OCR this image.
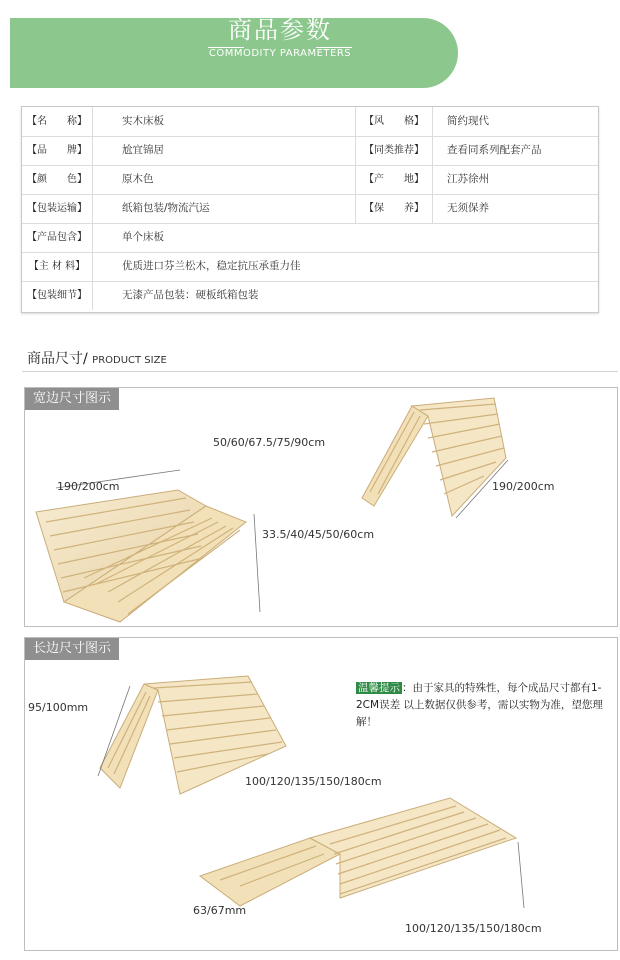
商品参数
COMMODITY PARAMETERS
【名　　称】	实木床板	【风　　格】	简约现代
【品　　牌】	尬宜锦居	【同类推荐】	查看同系列配套产品
【颜　　色】	原木色	【产　　地】	江苏徐州
【包装运输】	纸箱包装/物流汽运	【保　　养】	无须保养
【产品包含】	单个床板
【主 材 料】	优质进口芬兰松木，稳定抗压承重力佳
【包装细节】	无漆产品包装：硬板纸箱包装
商品尺寸/ PRODUCT SIZE
宽边尺寸图示
长边尺寸图示
190/200cm
33.5/40/45/50/60cm
50/60/67.5/75/90cm
190/200cm
95/100mm
100/120/135/150/180cm
63/67mm
100/120/135/150/180cm
温馨提示 ：由于家具的特殊性，每个成品尺寸都有1-2CM误差 以上数据仅供参考，需以实物为准，望您理解！
